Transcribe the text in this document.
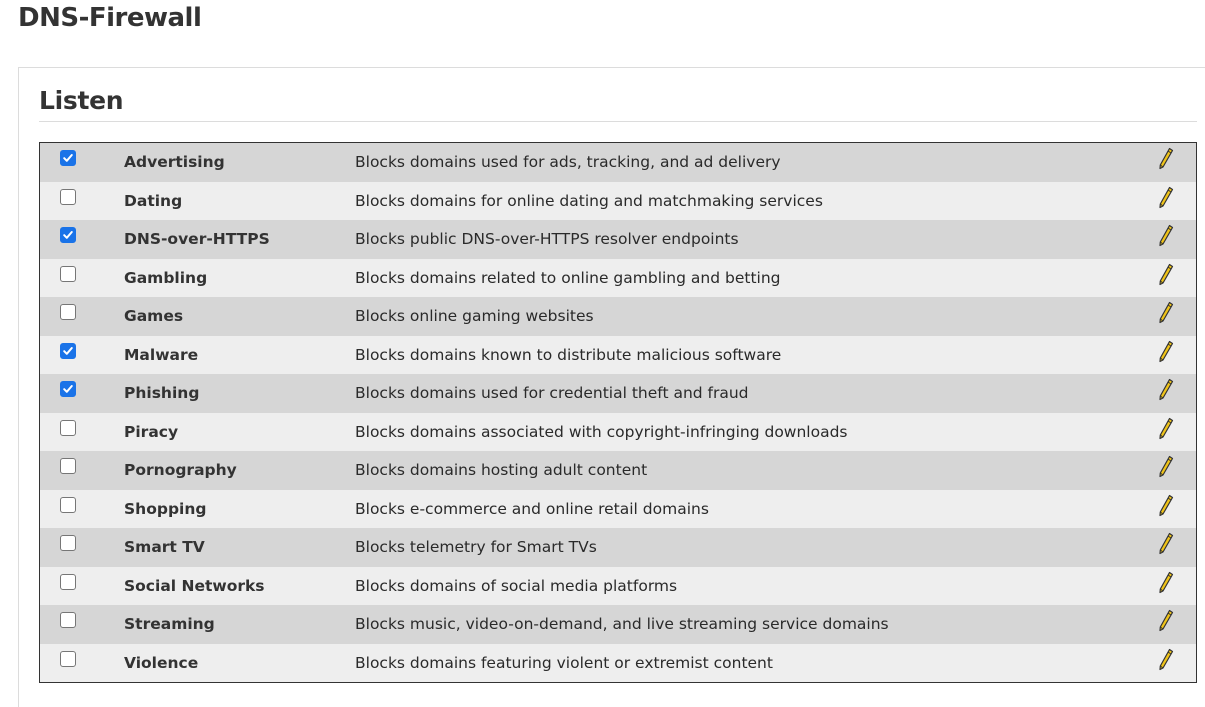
DNS-Firewall
Listen
	Advertising	Blocks domains used for ads, tracking, and ad delivery	
	Dating	Blocks domains for online dating and matchmaking services	

	DNS-over-HTTPS	Blocks public DNS-over-HTTPS resolver endpoints	
	Gambling	Blocks domains related to online gambling and betting	
	Games	Blocks online gaming websites	

	Malware	Blocks domains known to distribute malicious software	

	Phishing	Blocks domains used for credential theft and fraud	
	Piracy	Blocks domains associated with copyright-infringing downloads	
	Pornography	Blocks domains hosting adult content	
	Shopping	Blocks e-commerce and online retail domains	
	Smart TV	Blocks telemetry for Smart TVs	
	Social Networks	Blocks domains of social media platforms	
	Streaming	Blocks music, video-on-demand, and live streaming service domains	
	Violence	Blocks domains featuring violent or extremist content	
